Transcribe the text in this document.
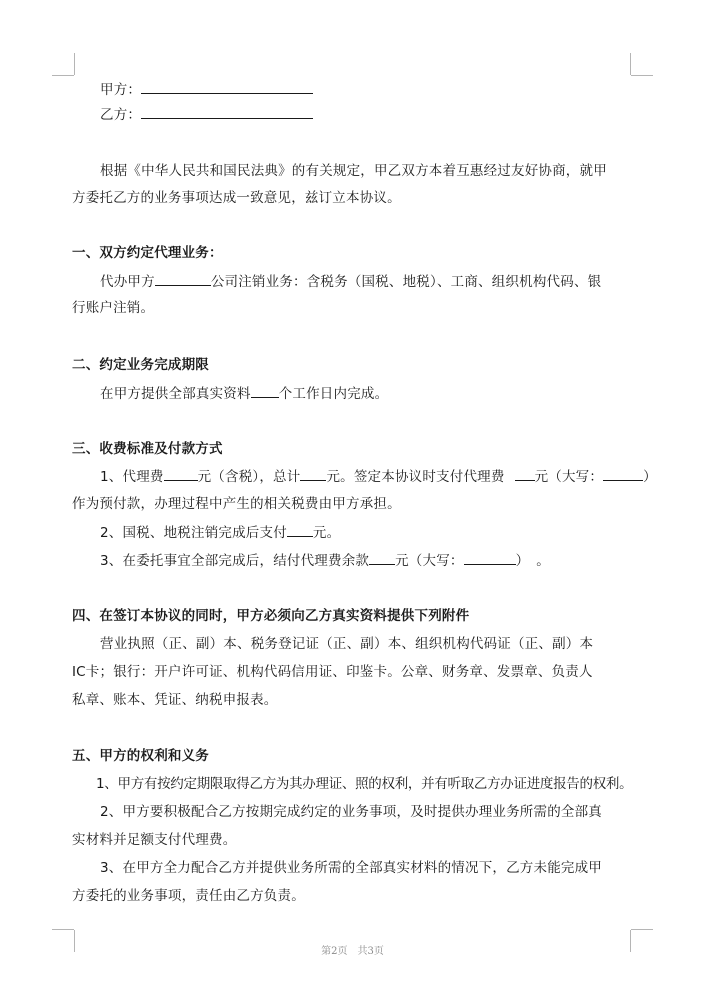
甲方：
乙方：
根据《中华人民共和国民法典》的有关规定，甲乙双方本着互惠经过友好协商，就甲
方委托乙方的业务事项达成一致意见，兹订立本协议。
一、双方约定代理业务：
代办甲方	公司注销业务：含税务（国税、地税）、工商、组织机构代码、银
行账户注销。
二、约定业务完成期限
在甲方提供全部真实资料 个工作日内完成。
三、收费标准及付款方式
1、代理费	元（含税），总计 元。签定本协议时支付代理费 元（大写：	）
作为预付款，办理过程中产生的相关税费由甲方承担。
2、国税、地税注销完成后支付 元。
3、在委托事宜全部完成后，结付代理费余款 元（大写：	）　。
四、在签订本协议的同时，甲方必须向乙方真实资料提供下列附件
营业执照（正、副）本、税务登记证（正、副）本、组织机构代码证（正、副）本
IC卡；银行：开户许可证、机构代码信用证、印鉴卡。公章、财务章、发票章、负责人
私章、账本、凭证、纳税申报表。
五、甲方的权利和义务
1、甲方有按约定期限取得乙方为其办理证、照的权利，并有听取乙方办证进度报告的权利。
2、甲方要积极配合乙方按期完成约定的业务事项，及时提供办理业务所需的全部真
实材料并足额支付代理费。
3、在甲方全力配合乙方并提供业务所需的全部真实材料的情况下，乙方未能完成甲
方委托的业务事项，责任由乙方负责。
第2页　共3页
